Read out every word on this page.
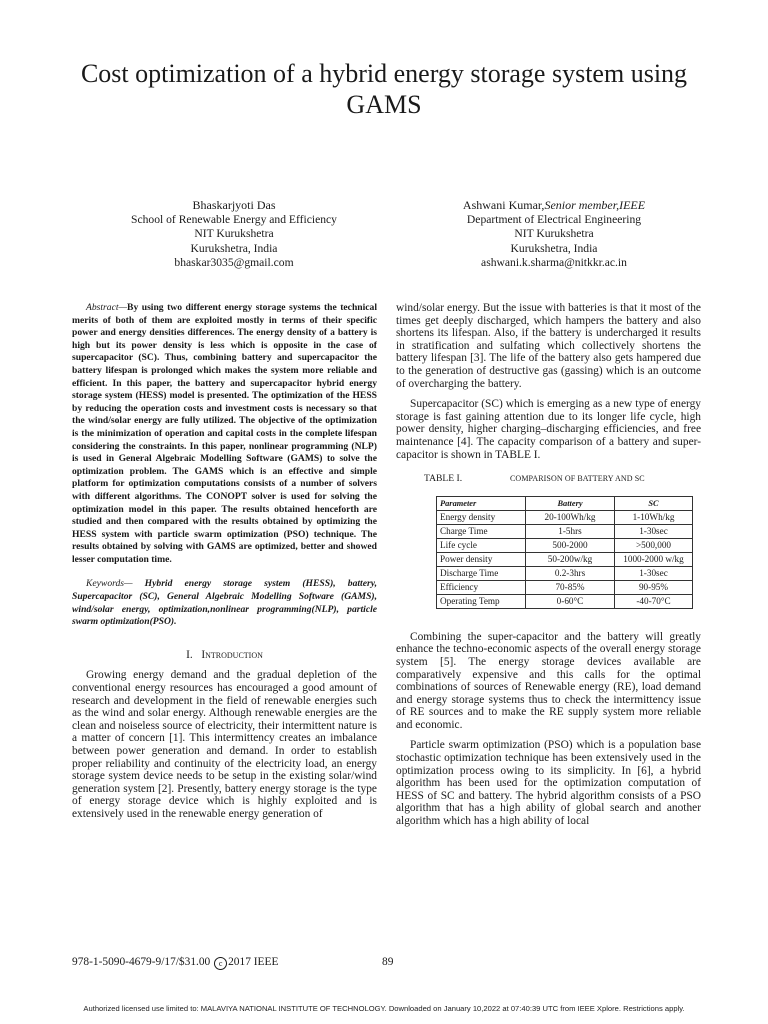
Cost optimization of a hybrid energy storage system using GAMS
Bhaskarjyoti Das
School of Renewable Energy and Efficiency
NIT Kurukshetra
Kurukshetra, India
bhaskar3035@gmail.com
Ashwani Kumar,Senior member,IEEE
Department of Electrical Engineering
NIT Kurukshetra
Kurukshetra, India
ashwani.k.sharma@nitkkr.ac.in

Abstract—By using two different energy storage systems the technical merits of both of them are exploited mostly in terms of their specific power and energy densities differences. The energy density of a battery is high but its power density is less which is opposite in the case of supercapacitor (SC). Thus, combining battery and supercapacitor the battery lifespan is prolonged which makes the system more reliable and efficient. In this paper, the battery and supercapacitor hybrid energy storage system (HESS) model is presented. The optimization of the HESS by reducing the operation costs and investment costs is necessary so that the wind/solar energy are fully utilized. The objective of the optimization is the minimization of operation and capital costs in the complete lifespan considering the constraints. In this paper, nonlinear programming (NLP) is used in General Algebraic Modelling Software (GAMS) to solve the optimization problem. The GAMS which is an effective and simple platform for optimization computations consists of a number of solvers with different algorithms. The CONOPT solver is used for solving the optimization model in this paper. The results obtained henceforth are studied and then compared with the results obtained by optimizing the HESS system with particle swarm optimization (PSO) technique. The results obtained by solving with GAMS are optimized, better and showed lesser computation time.

Keywords— Hybrid energy storage system (HESS), battery, Supercapacitor (SC), General Algebraic Modelling Software (GAMS), wind/solar energy, optimization,nonlinear programming(NLP), particle swarm optimization(PSO).

I. Introduction

Growing energy demand and the gradual depletion of the conventional energy resources has encouraged a good amount of research and development in the field of renewable energies such as the wind and solar energy. Although renewable energies are the clean and noiseless source of electricity, their intermittent nature is a matter of concern [1]. This intermittency creates an imbalance between power generation and demand. In order to establish proper reliability and continuity of the electricity load, an energy storage system device needs to be setup in the existing solar/wind generation system [2]. Presently, battery energy storage is the type of energy storage device which is highly exploited and is extensively used in the renewable energy generation of

wind/solar energy. But the issue with batteries is that it most of the times get deeply discharged, which hampers the battery and also shortens its lifespan. Also, if the battery is undercharged it results in stratification and sulfating which collectively shortens the battery lifespan [3]. The life of the battery also gets hampered due to the generation of destructive gas (gassing) which is an outcome of overcharging the battery.

Supercapacitor (SC) which is emerging as a new type of energy storage is fast gaining attention due to its longer life cycle, high power density, higher charging–discharging efficiencies, and free maintenance [4]. The capacity comparison of a battery and super-capacitor is shown in TABLE I.

TABLE I.	COMPARISON OF BATTERY AND SC
Parameter	Battery	SC
Energy density	20-100Wh/kg	1-10Wh/kg
Charge Time	1-5hrs	1-30sec
Life cycle	500-2000	>500,000
Power density	50-200w/kg	1000-2000 w/kg
Discharge Time	0.2-3hrs	1-30sec
Efficiency	70-85%	90-95%
Operating Temp	0-60°C	-40-70°C

Combining the super-capacitor and the battery will greatly enhance the techno-economic aspects of the overall energy storage system [5]. The energy storage devices available are comparatively expensive and this calls for the optimal combinations of sources of Renewable energy (RE), load demand and energy storage systems thus to check the intermittency issue of RE sources and to make the RE supply system more reliable and economic.

Particle swarm optimization (PSO) which is a population base stochastic optimization technique has been extensively used in the optimization process owing to its simplicity. In [6], a hybrid algorithm has been used for the optimization computation of HESS of SC and battery. The hybrid algorithm consists of a PSO algorithm that has a high ability of global search and another algorithm which has a high ability of local

978-1-5090-4679-9/17/$31.00 c 2017 IEEE	89
Authorized licensed use limited to: MALAVIYA NATIONAL INSTITUTE OF TECHNOLOGY. Downloaded on January 10,2022 at 07:40:39 UTC from IEEE Xplore. Restrictions apply.
